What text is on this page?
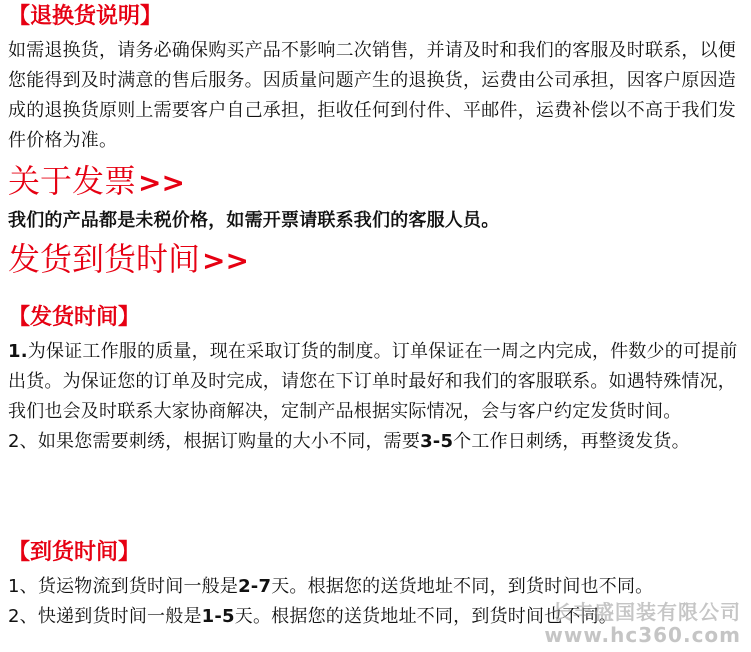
【退换货说明】
如需退换货，请务必确保购买产品不影响二次销售，并请及时和我们的客服及时联系，以便您能得到及时满意的售后服务。因质量问题产生的退换货，运费由公司承担，因客户原因造成的退换货原则上需要客户自己承担，拒收任何到付件、平邮件，运费补偿以不高于我们发件价格为准。
关于发票>>
我们的产品都是未税价格，如需开票请联系我们的客服人员。
发货到货时间>>
【发货时间】
1.为保证工作服的质量，现在采取订货的制度。订单保证在一周之内完成，件数少的可提前出货。为保证您的订单及时完成，请您在下订单时最好和我们的客服联系。如遇特殊情况，我们也会及时联系大家协商解决，定制产品根据实际情况，会与客户约定发货时间。
2、如果您需要刺绣，根据订购量的大小不同，需要3-5个工作日刺绣，再整烫发货。
【到货时间】
1、货运物流到货时间一般是2-7天。根据您的送货地址不同，到货时间也不同。
2、快递到货时间一般是1-5天。根据您的送货地址不同，到货时间也不同。
长丰盛国装有限公司
www.hc360.com
